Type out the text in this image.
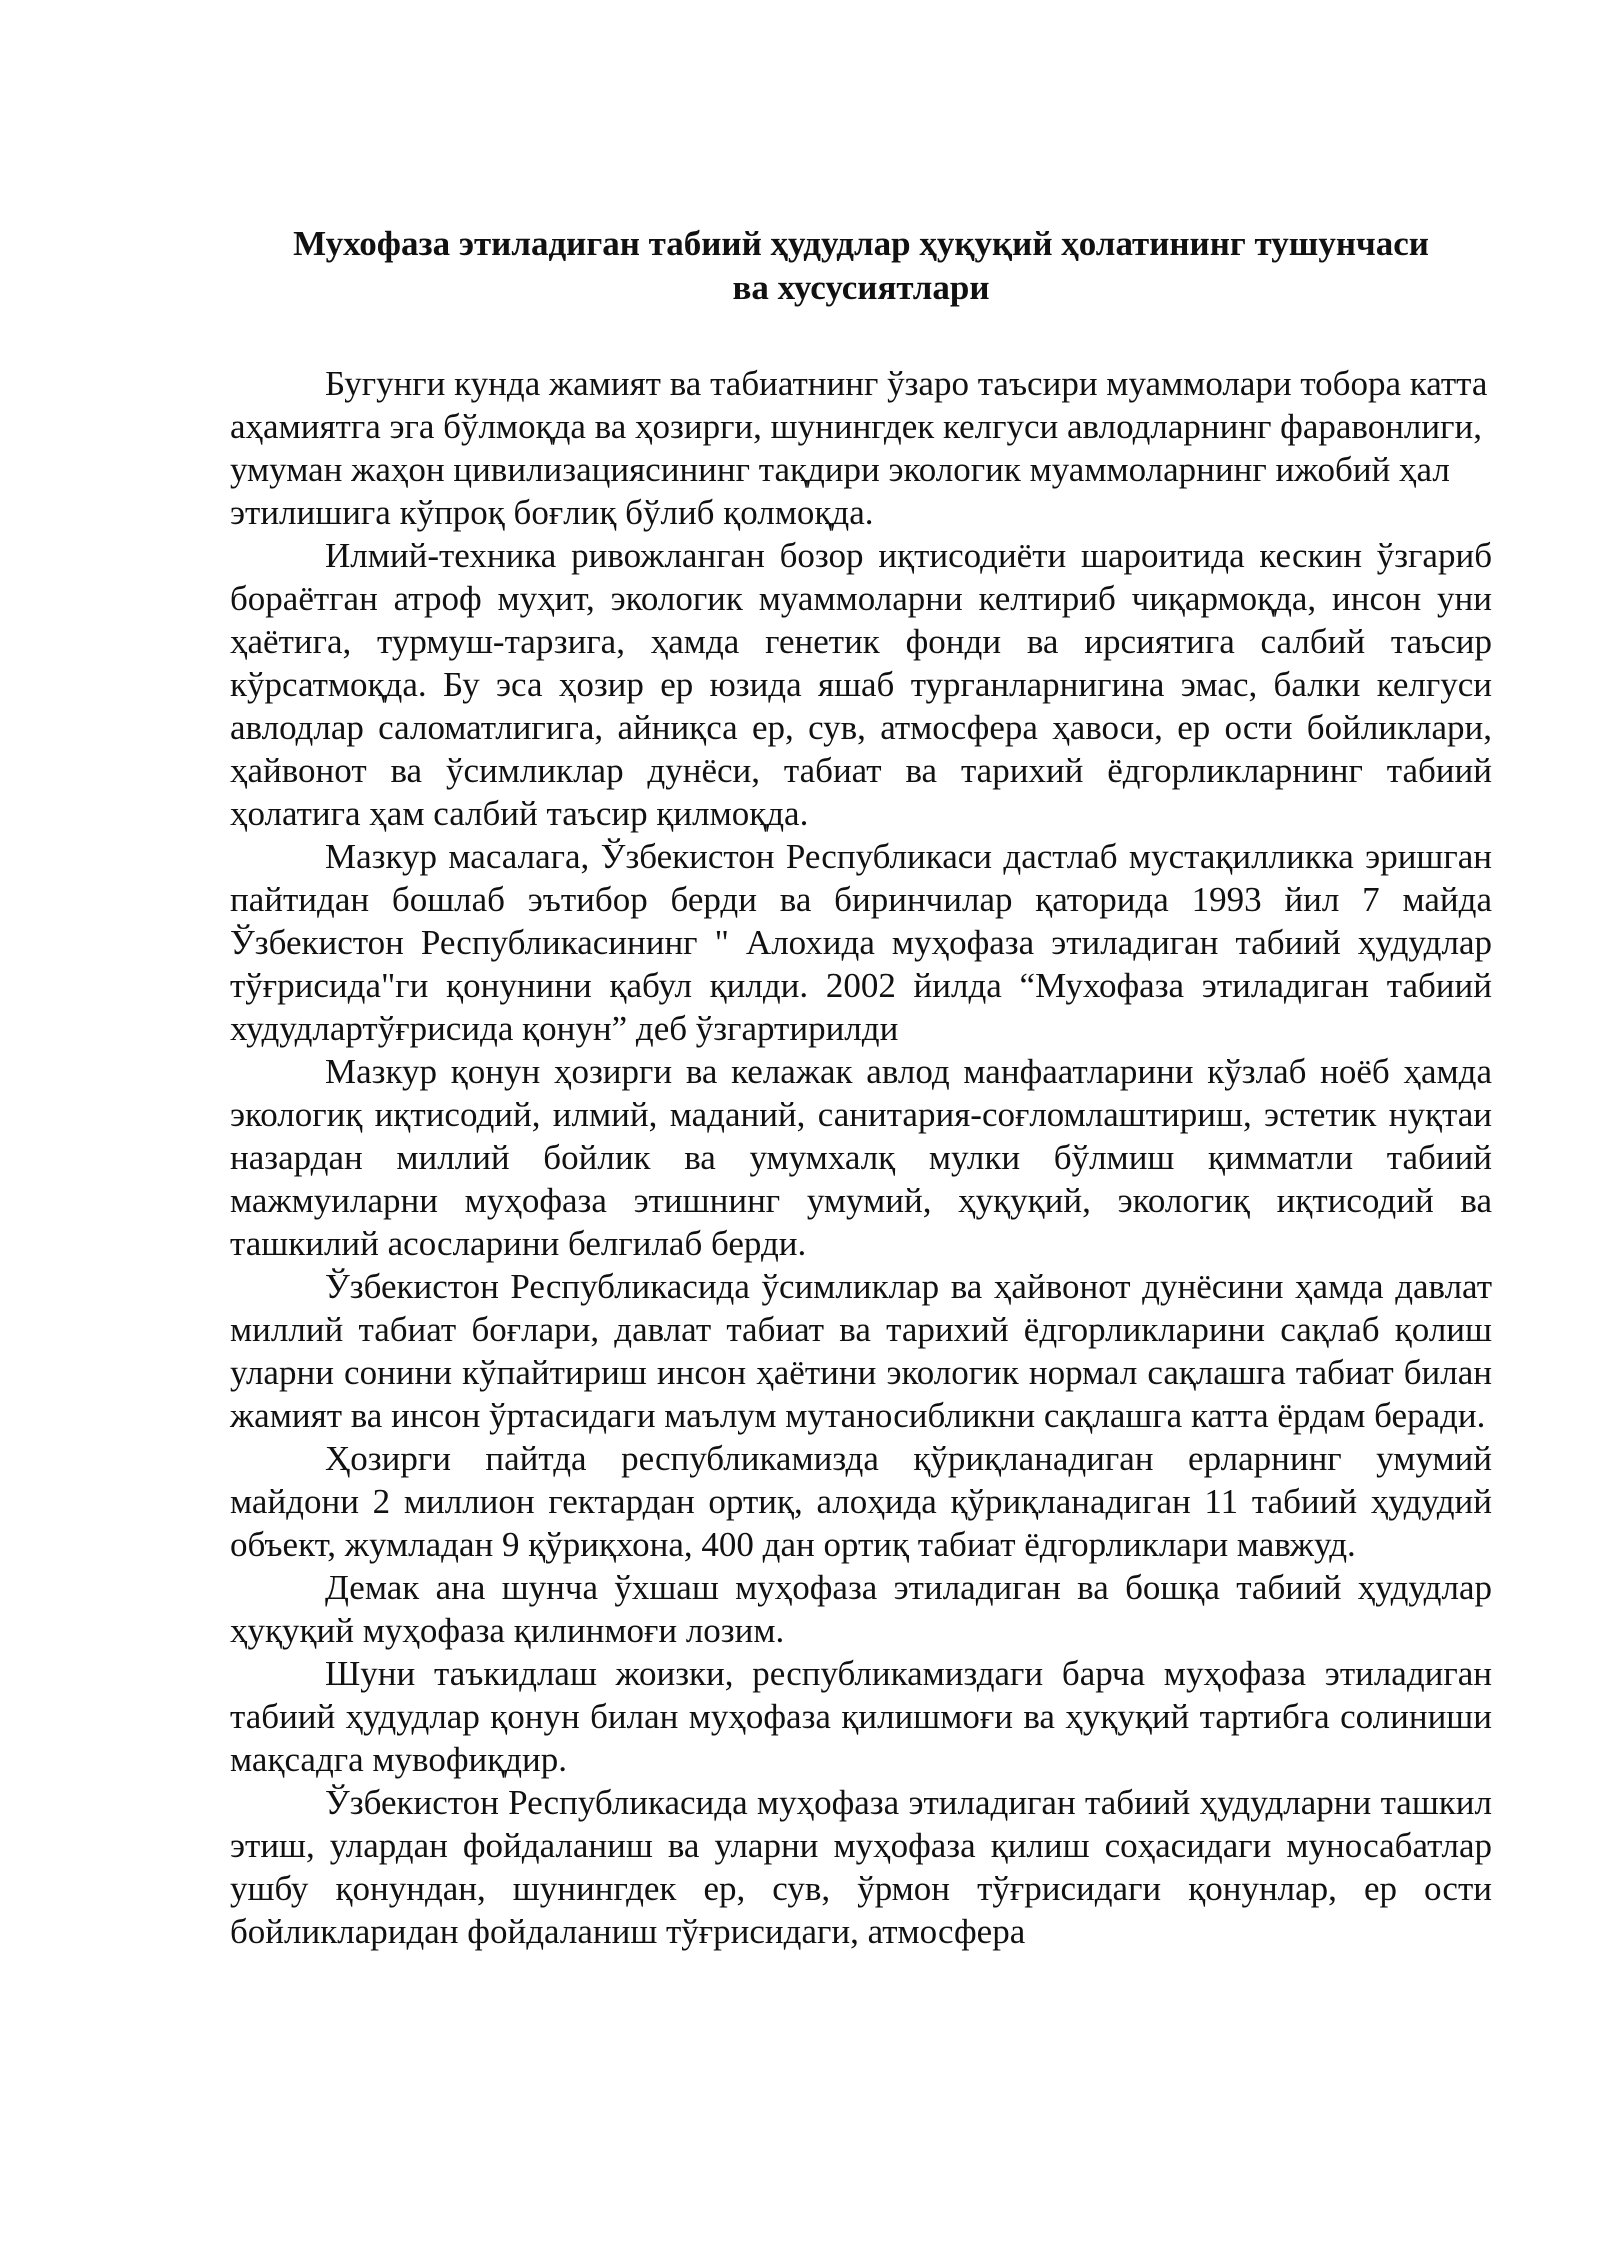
Мухофаза этиладиган табиий ҳудудлар ҳуқуқий ҳолатининг тушунчаси
ва хусусиятлари

Бугунги кунда жамият ва табиатнинг ўзаро таъсири муаммолари тобора катта аҳамиятга эга бўлмоқда ва ҳозирги, шунингдек келгуси авлодларнинг фаравонлиги, умуман жаҳон цивилизациясининг тақдири экологик муаммоларнинг ижобий ҳал этилишига кўпроқ боғлиқ бўлиб қолмоқда.

Илмий-техника ривожланган бозор иқтисодиёти шароитида кескин ўзгариб бораётган атроф муҳит, экологик муаммоларни келтириб чиқармоқда, инсон уни ҳаётига, турмуш-тарзига, ҳамда генетик фонди ва ирсиятига салбий таъсир кўрсатмоқда. Бу эса ҳозир ер юзида яшаб турганларнигина эмас, балки келгуси авлодлар саломатлигига, айниқса ер, сув, атмосфера ҳавоси, ер ости бойликлари, ҳайвонот ва ўсимликлар дунёси, табиат ва тарихий ёдгорликларнинг табиий ҳолатига ҳам салбий таъсир қилмоқда.

Мазкур масалага, Ўзбекистон Республикаси дастлаб мустақилликка эришган пайтидан бошлаб эътибор берди ва биринчилар қаторида 1993 йил 7 майда Ўзбекистон Республикасининг " Алохида муҳофаза этиладиган табиий ҳудудлар тўғрисида"ги қонунини қабул қилди. 2002 йилда “Мухофаза этиладиган табиий худудлартўғрисида қонун” деб ўзгартирилди

Мазкур қонун ҳозирги ва келажак авлод манфаатларини кўзлаб ноёб ҳамда экологиқ иқтисодий, илмий, маданий, санитария-соғломлаштириш, эстетик нуқтаи назардан миллий бойлик ва умумхалқ мулки бўлмиш қимматли табиий мажмуиларни муҳофаза этишнинг умумий, ҳуқуқий, экологиқ иқтисодий ва ташкилий асосларини белгилаб берди.

Ўзбекистон Республикасида ўсимликлар ва ҳайвонот дунёсини ҳамда давлат миллий табиат боғлари, давлат табиат ва тарихий ёдгорликларини сақлаб қолиш уларни сонини кўпайтириш инсон ҳаётини экологик нормал сақлашга табиат билан жамият ва инсон ўртасидаги маълум мутаносибликни сақлашга катта ёрдам беради.

Ҳозирги пайтда республикамизда қўриқланадиган ерларнинг умумий майдони 2 миллион гектардан ортиқ, алоҳида қўриқланадиган 11 табиий ҳудудий объект, жумладан 9 қўриқхона, 400 дан ортиқ табиат ёдгорликлари мавжуд.

Демак ана шунча ўхшаш муҳофаза этиладиган ва бошқа табиий ҳудудлар ҳуқуқий муҳофаза қилинмоғи лозим.

Шуни таъкидлаш жоизки, республикамиздаги барча муҳофаза этиладиган табиий ҳудудлар қонун билан муҳофаза қилишмоғи ва ҳуқуқий тартибга солиниши мақсадга мувофиқдир.

Ўзбекистон Республикасида муҳофаза этиладиган табиий ҳудудларни ташкил этиш, улардан фойдаланиш ва уларни муҳофаза қилиш соҳасидаги муносабатлар ушбу қонундан, шунингдек ер, сув, ўрмон тўғрисидаги қонунлар, ер ости бойликларидан фойдаланиш тўғрисидаги, атмосфера
